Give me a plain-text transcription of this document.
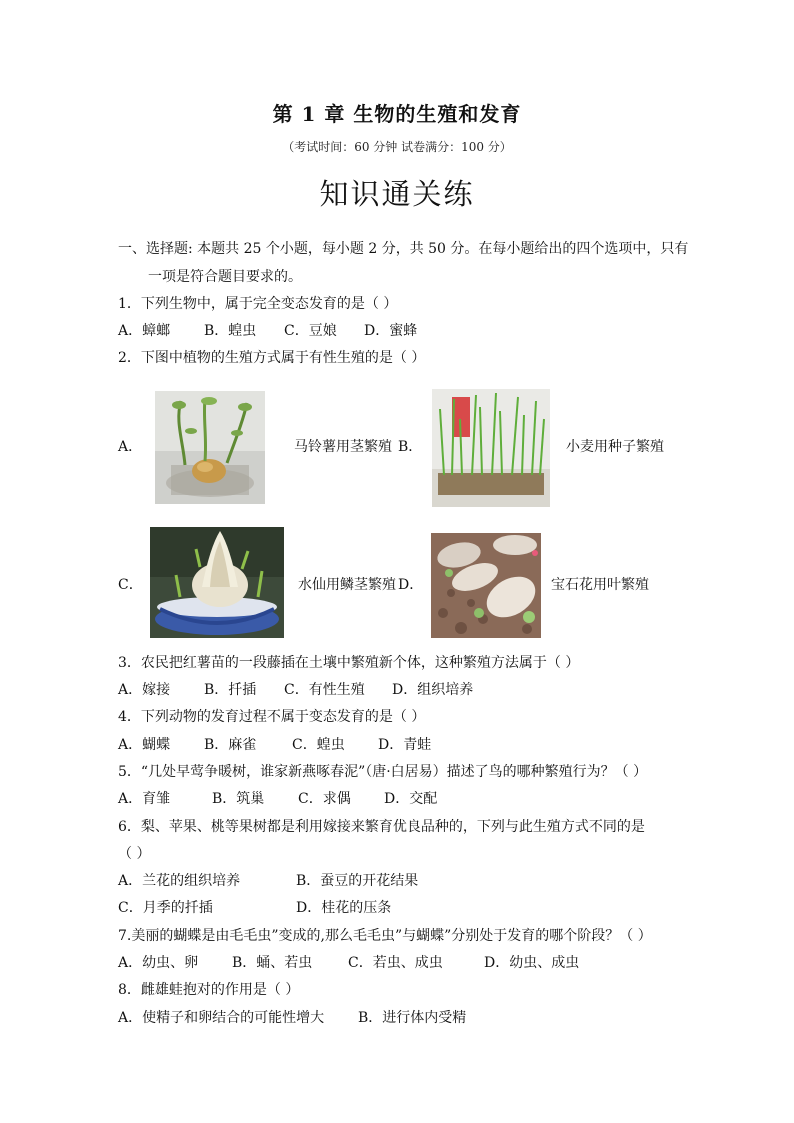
第 1 章 生物的生殖和发育
（考试时间：60 分钟 试卷满分：100 分）
知识通关练
一、选择题: 本题共 25 个小题，每小题 2 分，共 50 分。在每小题给出的四个选项中，只有
一项是符合题目要求的。
1．下列生物中，属于完全变态发育的是（ ）
A．蟑螂 B．蝗虫 C．豆娘 D．蜜蜂
2．下图中植物的生殖方式属于有性生殖的是（ ）
A．	马铃薯用茎繁殖 B．	小麦用种子繁殖
C．	水仙用鳞茎繁殖 D．	宝石花用叶繁殖
3．农民把红薯苗的一段藤插在土壤中繁殖新个体，这种繁殖方法属于（ ）
A．嫁接 B．扦插 C．有性生殖 D．组织培养
4．下列动物的发育过程不属于变态发育的是（ ）
A．蝴蝶 B．麻雀	C．蝗虫 D．青蛙
5．“几处早莺争暖树，谁家新燕啄春泥”（唐·白居易）描述了鸟的哪种繁殖行为？（ ）
A．育雏	B．筑巢 C．求偶 D．交配
6．梨、苹果、桃等果树都是利用嫁接来繁育优良品种的，下列与此生殖方式不同的是
（ ）
A．兰花的组织培养	B．蚕豆的开花结果
C．月季的扦插	D．桂花的压条
7.美丽的蝴蝶是由毛毛虫”变成的,那么毛毛虫”与蝴蝶”分别处于发育的哪个阶段？（ ）
A．幼虫、卵 B．蛹、若虫	C．若虫、成虫	D．幼虫、成虫
8．雌雄蛙抱对的作用是（ ）
A．使精子和卵结合的可能性增大 B．进行体内受精
